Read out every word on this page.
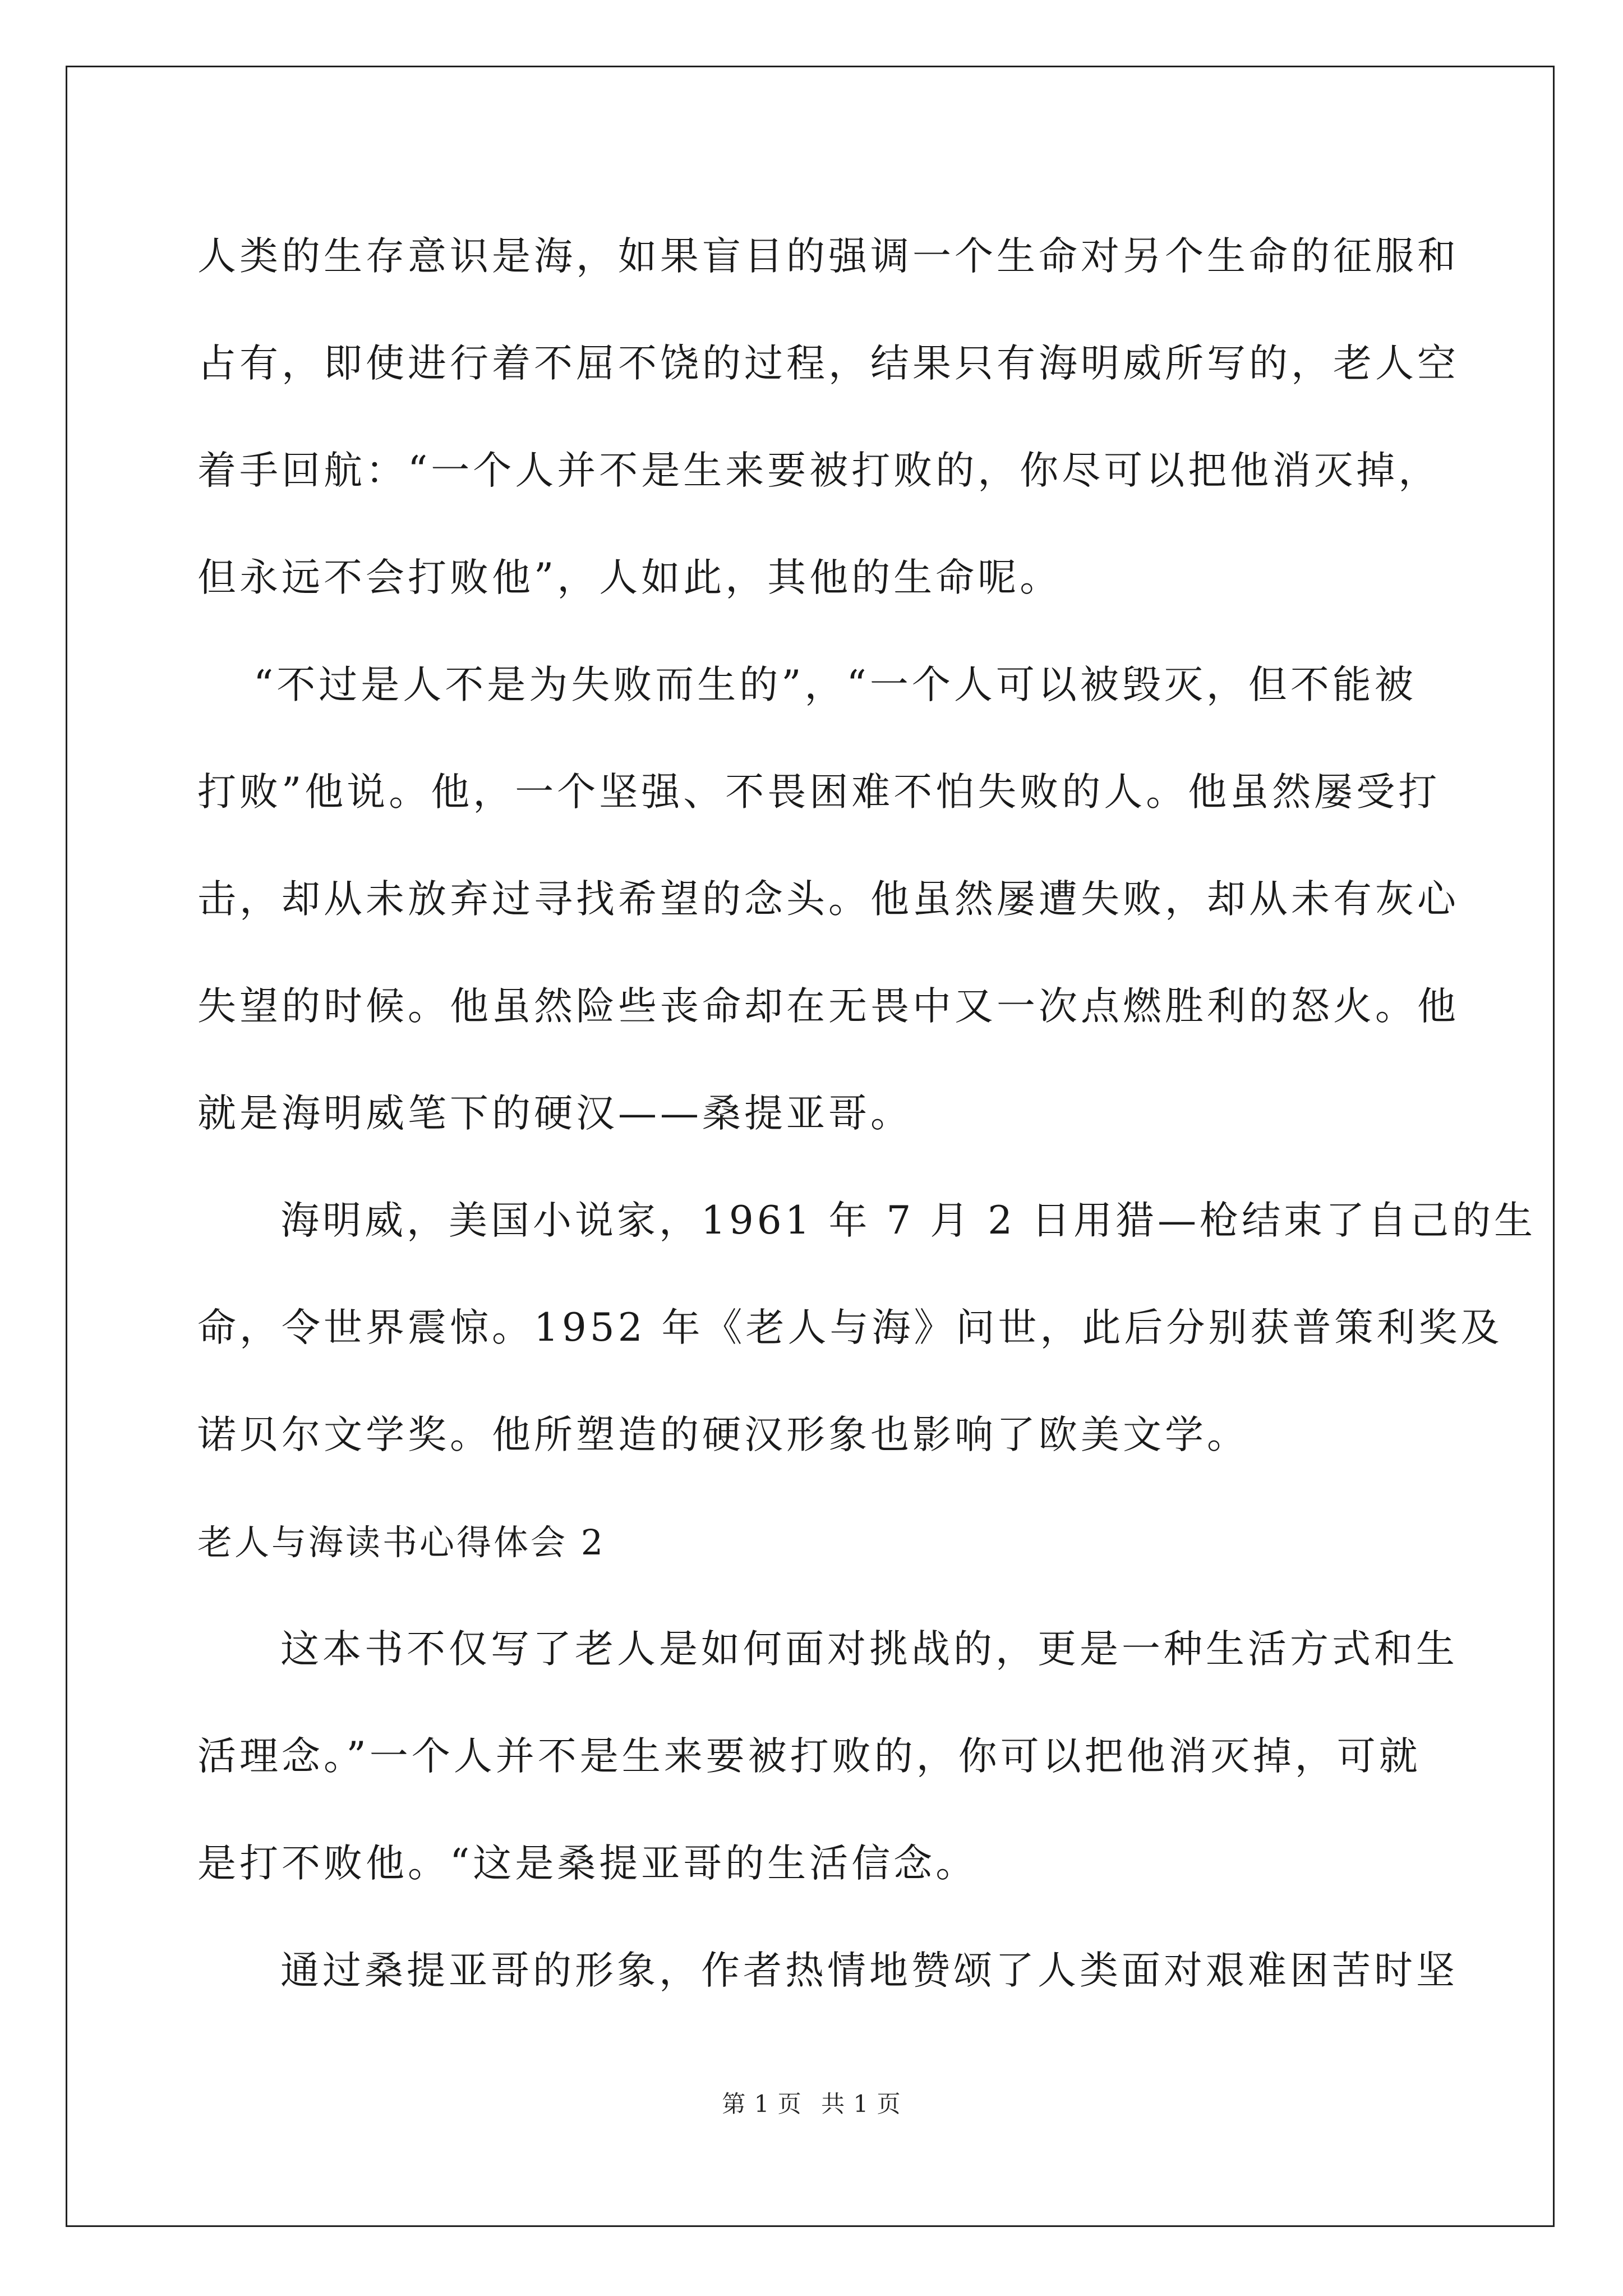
人类的生存意识是海，如果盲目的强调一个生命对另个生命的征服和
占有，即使进行着不屈不饶的过程，结果只有海明威所写的，老人空
着手回航：“一个人并不是生来要被打败的，你尽可以把他消灭掉，
但永远不会打败他”，人如此，其他的生命呢。
“不过是人不是为失败而生的”，“一个人可以被毁灭，但不能被
打败”他说。他，一个坚强、不畏困难不怕失败的人。他虽然屡受打
击，却从未放弃过寻找希望的念头。他虽然屡遭失败，却从未有灰心
失望的时候。他虽然险些丧命却在无畏中又一次点燃胜利的怒火。他
就是海明威笔下的硬汉——桑提亚哥。
海明威，美国小说家，1961 年 7 月 2 日用猎—枪结束了自己的生
命，令世界震惊。1952 年《老人与海》问世，此后分别获普策利奖及
诺贝尔文学奖。他所塑造的硬汉形象也影响了欧美文学。
老人与海读书心得体会 2
这本书不仅写了老人是如何面对挑战的，更是一种生活方式和生
活理念。”一个人并不是生来要被打败的，你可以把他消灭掉，可就
是打不败他。“这是桑提亚哥的生活信念。
通过桑提亚哥的形象，作者热情地赞颂了人类面对艰难困苦时坚
第 1 页 共 1 页
